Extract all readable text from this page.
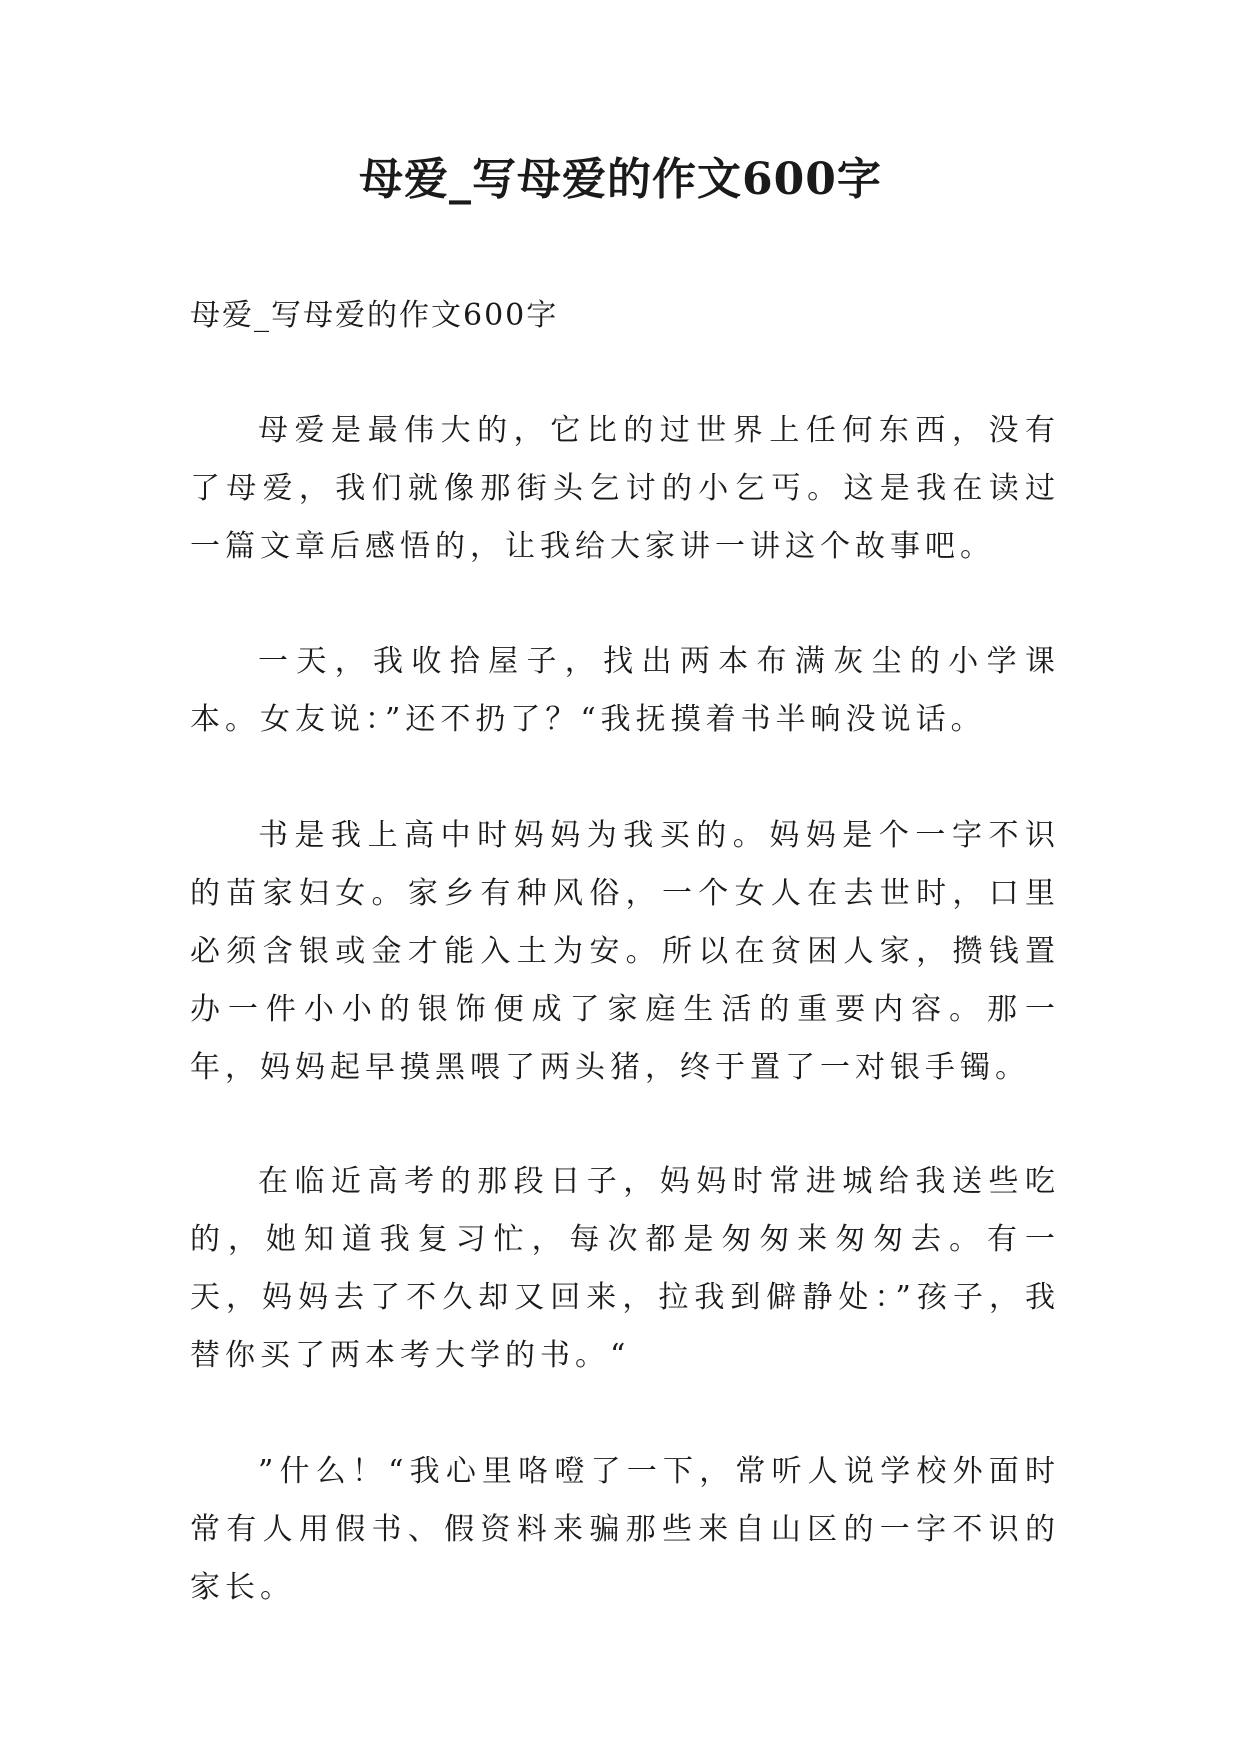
母爱_写母爱的作文600字

母爱_写母爱的作文600字

母爱是最伟大的，它比的过世界上任何东西，没有了母爱，我们就像那街头乞讨的小乞丐。这是我在读过一篇文章后感悟的，让我给大家讲一讲这个故事吧。

一天，我收拾屋子，找出两本布满灰尘的小学课本。女友说：”还不扔了？“我抚摸着书半晌没说话。

书是我上高中时妈妈为我买的。妈妈是个一字不识的苗家妇女。家乡有种风俗，一个女人在去世时，口里必须含银或金才能入土为安。所以在贫困人家，攒钱置办一件小小的银饰便成了家庭生活的重要内容。那一年，妈妈起早摸黑喂了两头猪，终于置了一对银手镯。

在临近高考的那段日子，妈妈时常进城给我送些吃的，她知道我复习忙，每次都是匆匆来匆匆去。有一天，妈妈去了不久却又回来，拉我到僻静处：”孩子，我替你买了两本考大学的书。“

”什么！“我心里咯噔了一下，常听人说学校外面时常有人用假书、假资料来骗那些来自山区的一字不识的家长。
